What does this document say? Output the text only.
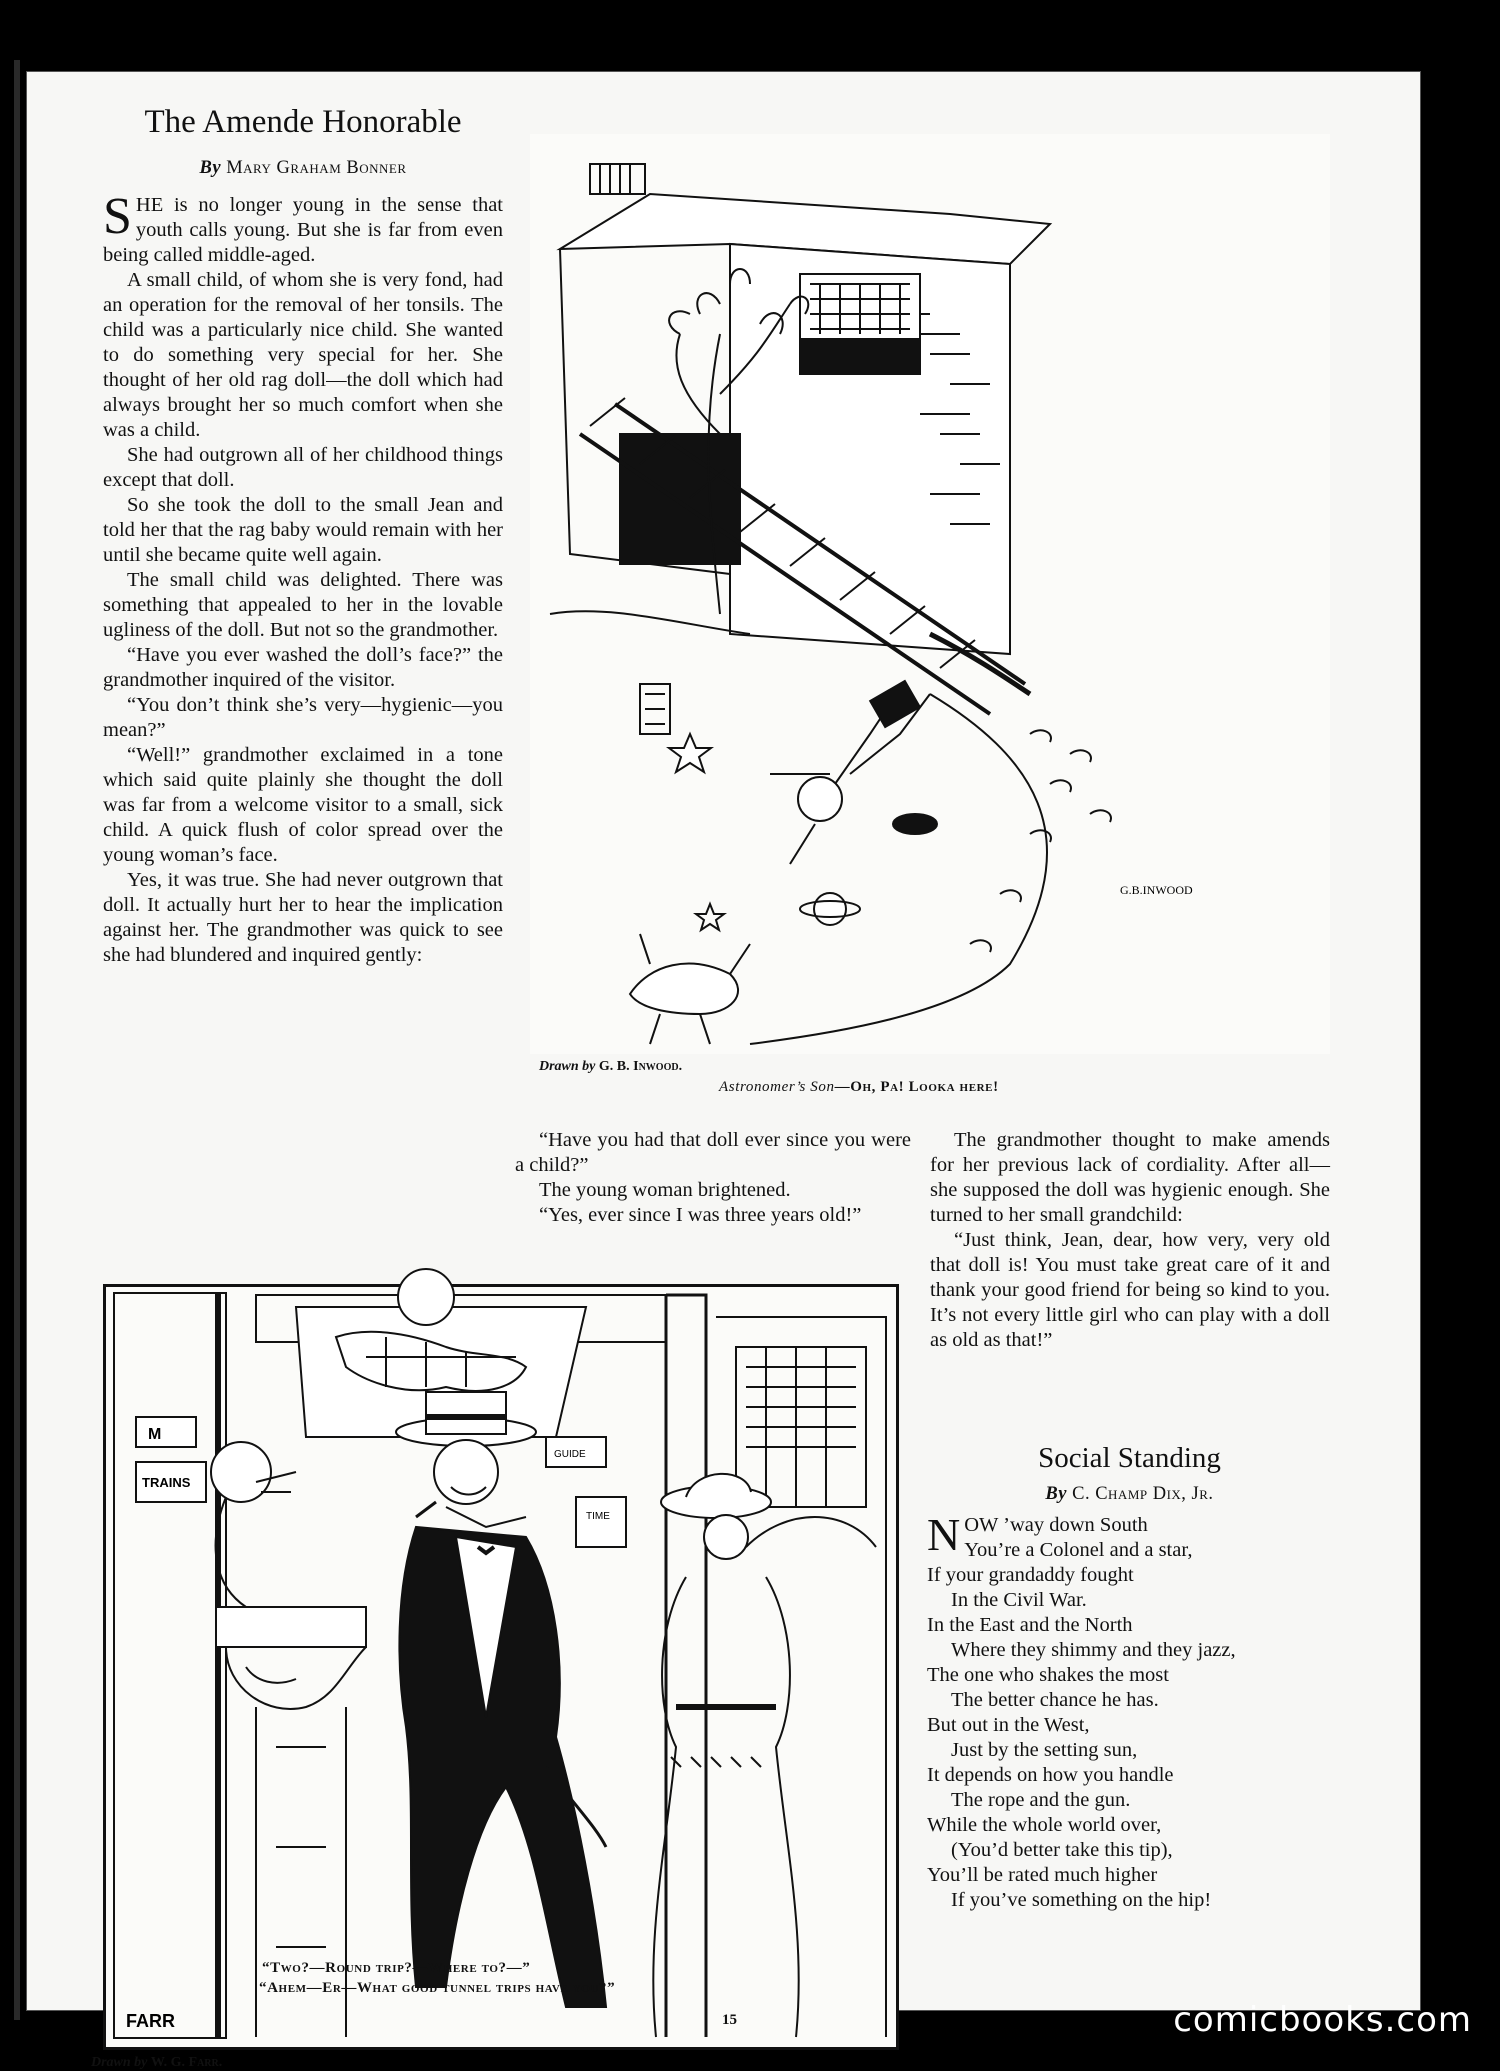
The Amende Honorable
By Mary Graham Bonner

SHE is no longer young in the sense that youth calls young. But she is far from even being called middle-aged.

A small child, of whom she is very fond, had an operation for the removal of her tonsils. The child was a particularly nice child. She wanted to do something very special for her. She thought of her old rag doll—the doll which had always brought her so much comfort when she was a child.

She had outgrown all of her childhood things except that doll.

So she took the doll to the small Jean and told her that the rag baby would remain with her until she became quite well again.

The small child was delighted. There was something that appealed to her in the lovable ugliness of the doll. But not so the grandmother.

“Have you ever washed the doll’s face?” the grandmother inquired of the visitor.

“You don’t think she’s very—hygienic—you mean?”

“Well!” grandmother exclaimed in a tone which said quite plainly she thought the doll was far from a welcome visitor to a small, sick child. A quick flush of color spread over the young woman’s face.

Yes, it was true. She had never outgrown that doll. It actually hurt her to hear the implication against her. The grandmother was quick to see she had blundered and inquired gently:

“Have you had that doll ever since you were a child?”

The young woman brightened.

“Yes, ever since I was three years old!”

The grandmother thought to make amends for her previous lack of cordiality. After all—she supposed the doll was hygienic enough. She turned to her small grandchild:

“Just think, Jean, dear, how very, very old that doll is! You must take great care of it and thank your good friend for being so kind to you. It’s not every little girl who can play with a doll as old as that!”

G.B.INWOOD
Drawn by G. B. Inwood.
Astronomer’s Son—Oh, Pa! Looka here!
M
TRAINS
GUIDE
TIME
FARR
Drawn by W. G. Farr.
“Two?—Round trip?—Where to?—”
“Ahem—Er—What good tunnel trips have you?”
Social Standing
By C. Champ Dix, Jr.
NOW ’way down South
You’re a Colonel and a star,
If your grandaddy fought
In the Civil War.
In the East and the North
Where they shimmy and they jazz,
The one who shakes the most
The better chance he has.
But out in the West,
Just by the setting sun,
It depends on how you handle
The rope and the gun.
While the whole world over,
(You’d better take this tip),
You’ll be rated much higher
If you’ve something on the hip!
15	comicbooks.com
